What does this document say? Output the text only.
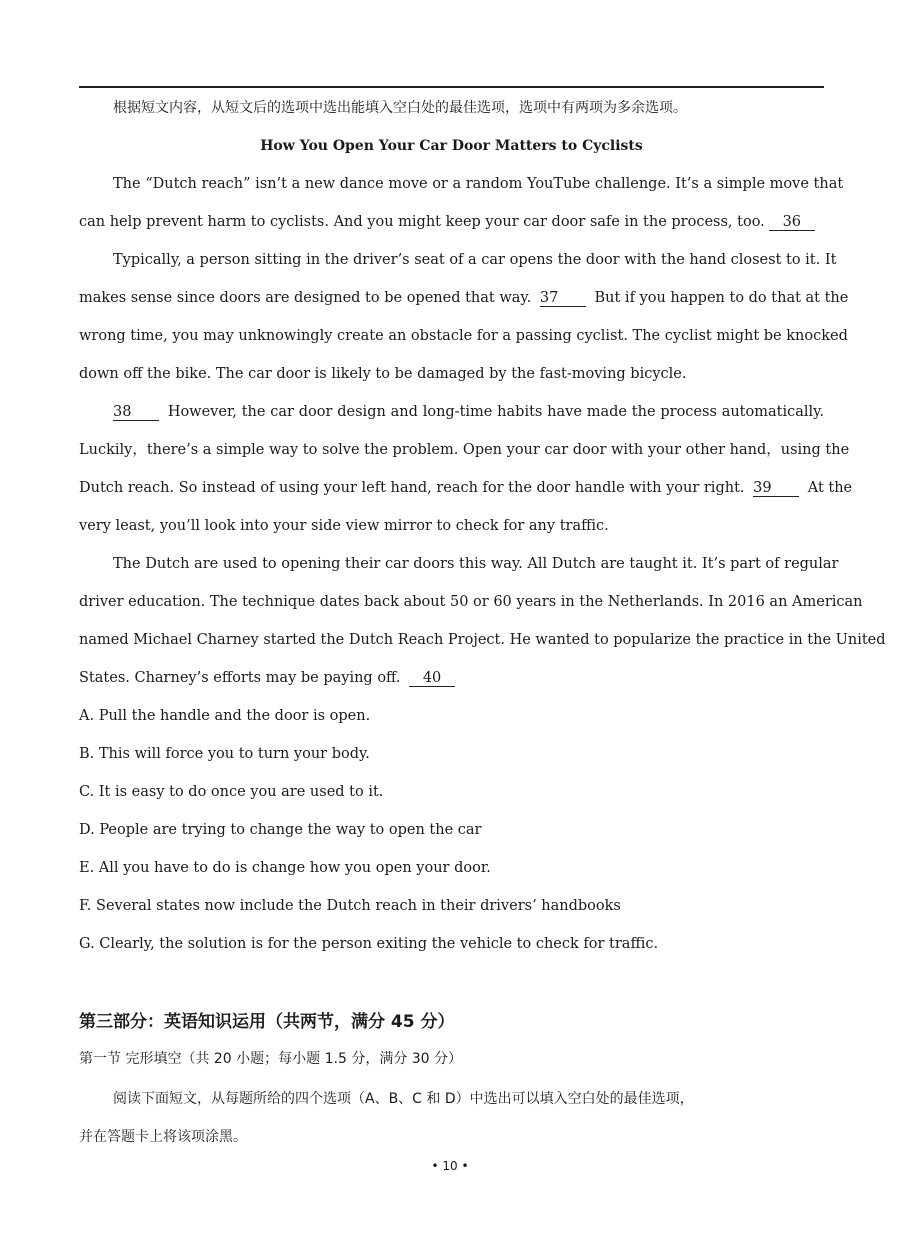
根据短文内容，从短文后的选项中选出能填入空白处的最佳选项，选项中有两项为多余选项。
How You Open Your Car Door Matters to Cyclists
The “Dutch reach” isn’t a new dance move or a random YouTube challenge. It’s a simple move that
can help prevent harm to cyclists. And you might keep your car door safe in the process, too. 36
Typically, a person sitting in the driver’s seat of a car opens the door with the hand closest to it. It
makes sense since doors are designed to be opened that way. 37 But if you happen to do that at the
wrong time, you may unknowingly create an obstacle for a passing cyclist. The cyclist might be knocked
down off the bike. The car door is likely to be damaged by the fast-moving bicycle.
38	However, the car door design and long-time habits have made the process automatically.
Luckily，there’s a simple way to solve the problem. Open your car door with your other hand，using the
Dutch reach. So instead of using your left hand, reach for the door handle with your right. 39 At the
very least, you’ll look into your side view mirror to check for any traffic.
The Dutch are used to opening their car doors this way. All Dutch are taught it. It’s part of regular
driver education. The technique dates back about 50 or 60 years in the Netherlands. In 2016 an American
named Michael Charney started the Dutch Reach Project. He wanted to popularize the practice in the United
States. Charney’s efforts may be paying off. 40
A. Pull the handle and the door is open.
B. This will force you to turn your body.
C. It is easy to do once you are used to it.
D. People are trying to change the way to open the car
E. All you have to do is change how you open your door.
F. Several states now include the Dutch reach in their drivers’ handbooks
G. Clearly, the solution is for the person exiting the vehicle to check for traffic.
第三部分：英语知识运用（共两节，满分 45 分）
第一节 完形填空（共 20 小题；每小题 1.5 分，满分 30 分）
阅读下面短文，从每题所给的四个选项（A、B、C 和 D）中选出可以填入空白处的最佳选项，
并在答题卡上将该项涂黑。
• 10 •
